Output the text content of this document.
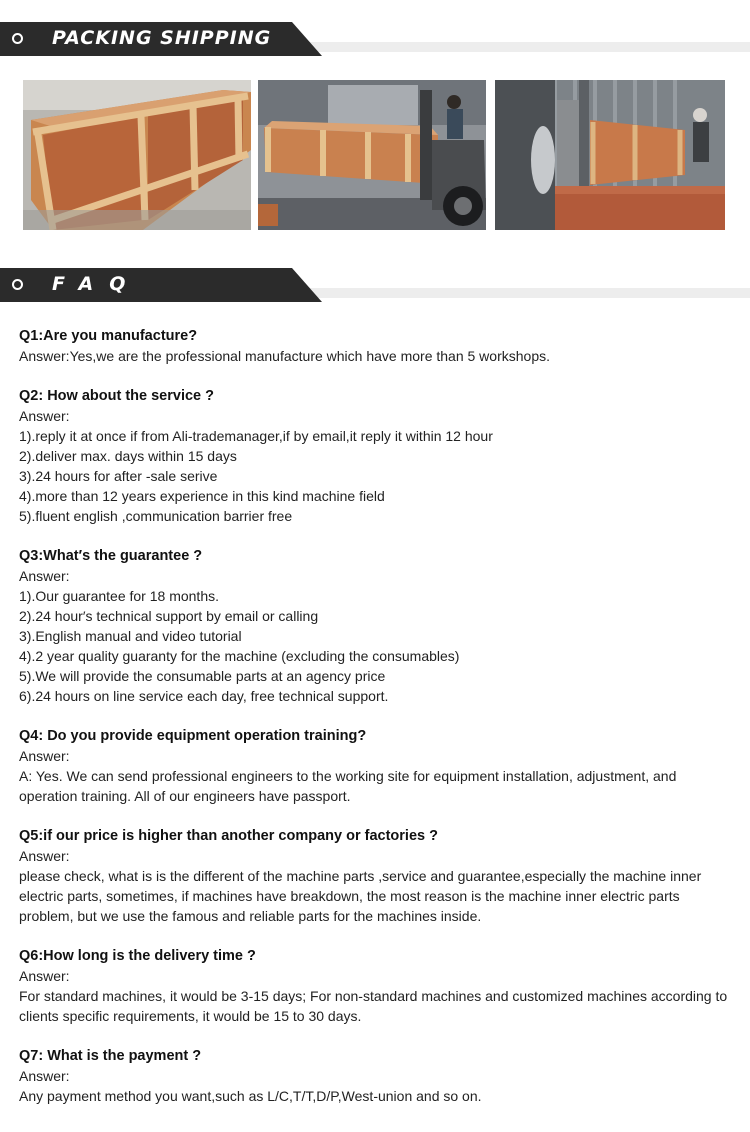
PACKING SHIPPING
FAQ
Q1:Are you manufacture?
Answer:Yes,we are the professional manufacture which have more than 5 workshops.
Q2: How about the service ?
Answer:
1).reply it at once if from Ali-trademanager,if by email,it reply it within 12 hour
2).deliver max. days within 15 days
3).24 hours for after -sale serive
4).more than 12 years experience in this kind machine field
5).fluent english ,communication barrier free
Q3:What′s the guarantee ?
Answer:
1).Our guarantee for 18 months.
2).24 hour′s technical support by email or calling
3).English manual and video tutorial
4).2 year quality guaranty for the machine (excluding the consumables)
5).We will provide the consumable parts at an agency price
6).24 hours on line service each day, free technical support.
Q4: Do you provide equipment operation training?
Answer:
A: Yes. We can send professional engineers to the working site for equipment installation, adjustment, and operation training. All of our engineers have passport.
Q5:if our price is higher than another company or factories ?
Answer:
please check, what is is the different of the machine parts ,service and guarantee,especially the machine inner electric parts, sometimes, if machines have breakdown, the most reason is the machine inner electric parts problem, but we use the famous and reliable parts for the machines inside.
Q6:How long is the delivery time ?
Answer:
For standard machines, it would be 3-15 days; For non-standard machines and customized machines according to clients specific requirements, it would be 15 to 30 days.
Q7: What is the payment ?
Answer:
Any payment method you want,such as L/C,T/T,D/P,West-union and so on.
